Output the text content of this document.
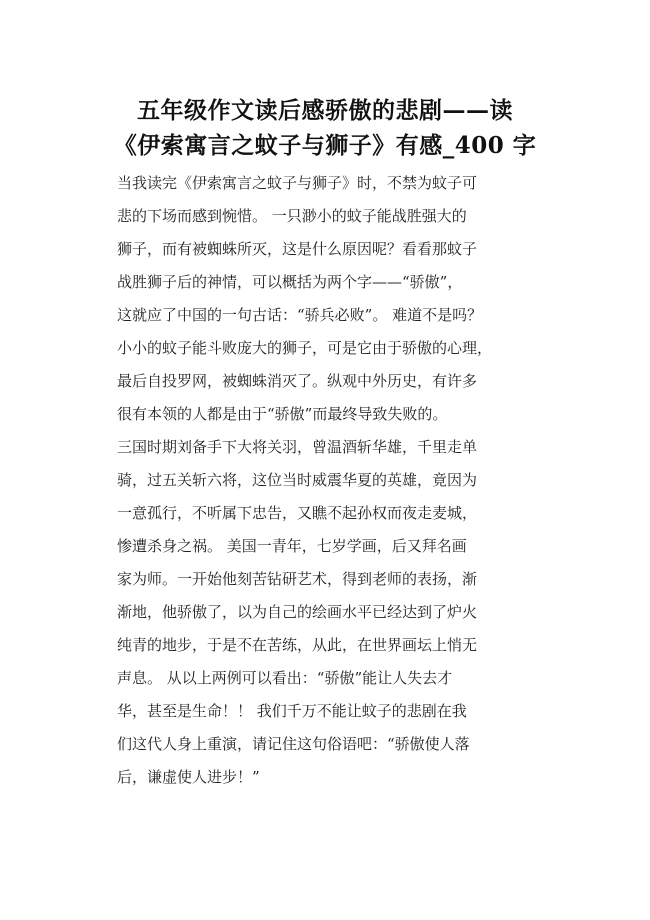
五年级作文读后感骄傲的悲剧——读
《伊索寓言之蚊子与狮子》有感_400 字
当我读完《伊索寓言之蚊子与狮子》时，不禁为蚊子可
悲的下场而感到惋惜。 一只渺小的蚊子能战胜强大的
狮子，而有被蜘蛛所灭，这是什么原因呢？看看那蚊子
战胜狮子后的神情，可以概括为两个字——“骄傲”，
这就应了中国的一句古话：“骄兵必败”。 难道不是吗？
小小的蚊子能斗败庞大的狮子，可是它由于骄傲的心理，
最后自投罗网，被蜘蛛消灭了。纵观中外历史，有许多
很有本领的人都是由于“骄傲”而最终导致失败的。
三国时期刘备手下大将关羽，曾温酒斩华雄，千里走单
骑，过五关斩六将，这位当时威震华夏的英雄，竟因为
一意孤行，不听属下忠告，又瞧不起孙权而夜走麦城，
惨遭杀身之祸。 美国一青年，七岁学画，后又拜名画
家为师。一开始他刻苦钻研艺术，得到老师的表扬，渐
渐地，他骄傲了，以为自己的绘画水平已经达到了炉火
纯青的地步，于是不在苦练，从此，在世界画坛上悄无
声息。 从以上两例可以看出：“骄傲”能让人失去才
华，甚至是生命！！ 我们千万不能让蚊子的悲剧在我
们这代人身上重演，请记住这句俗语吧：“骄傲使人落
后，谦虚使人进步！”
